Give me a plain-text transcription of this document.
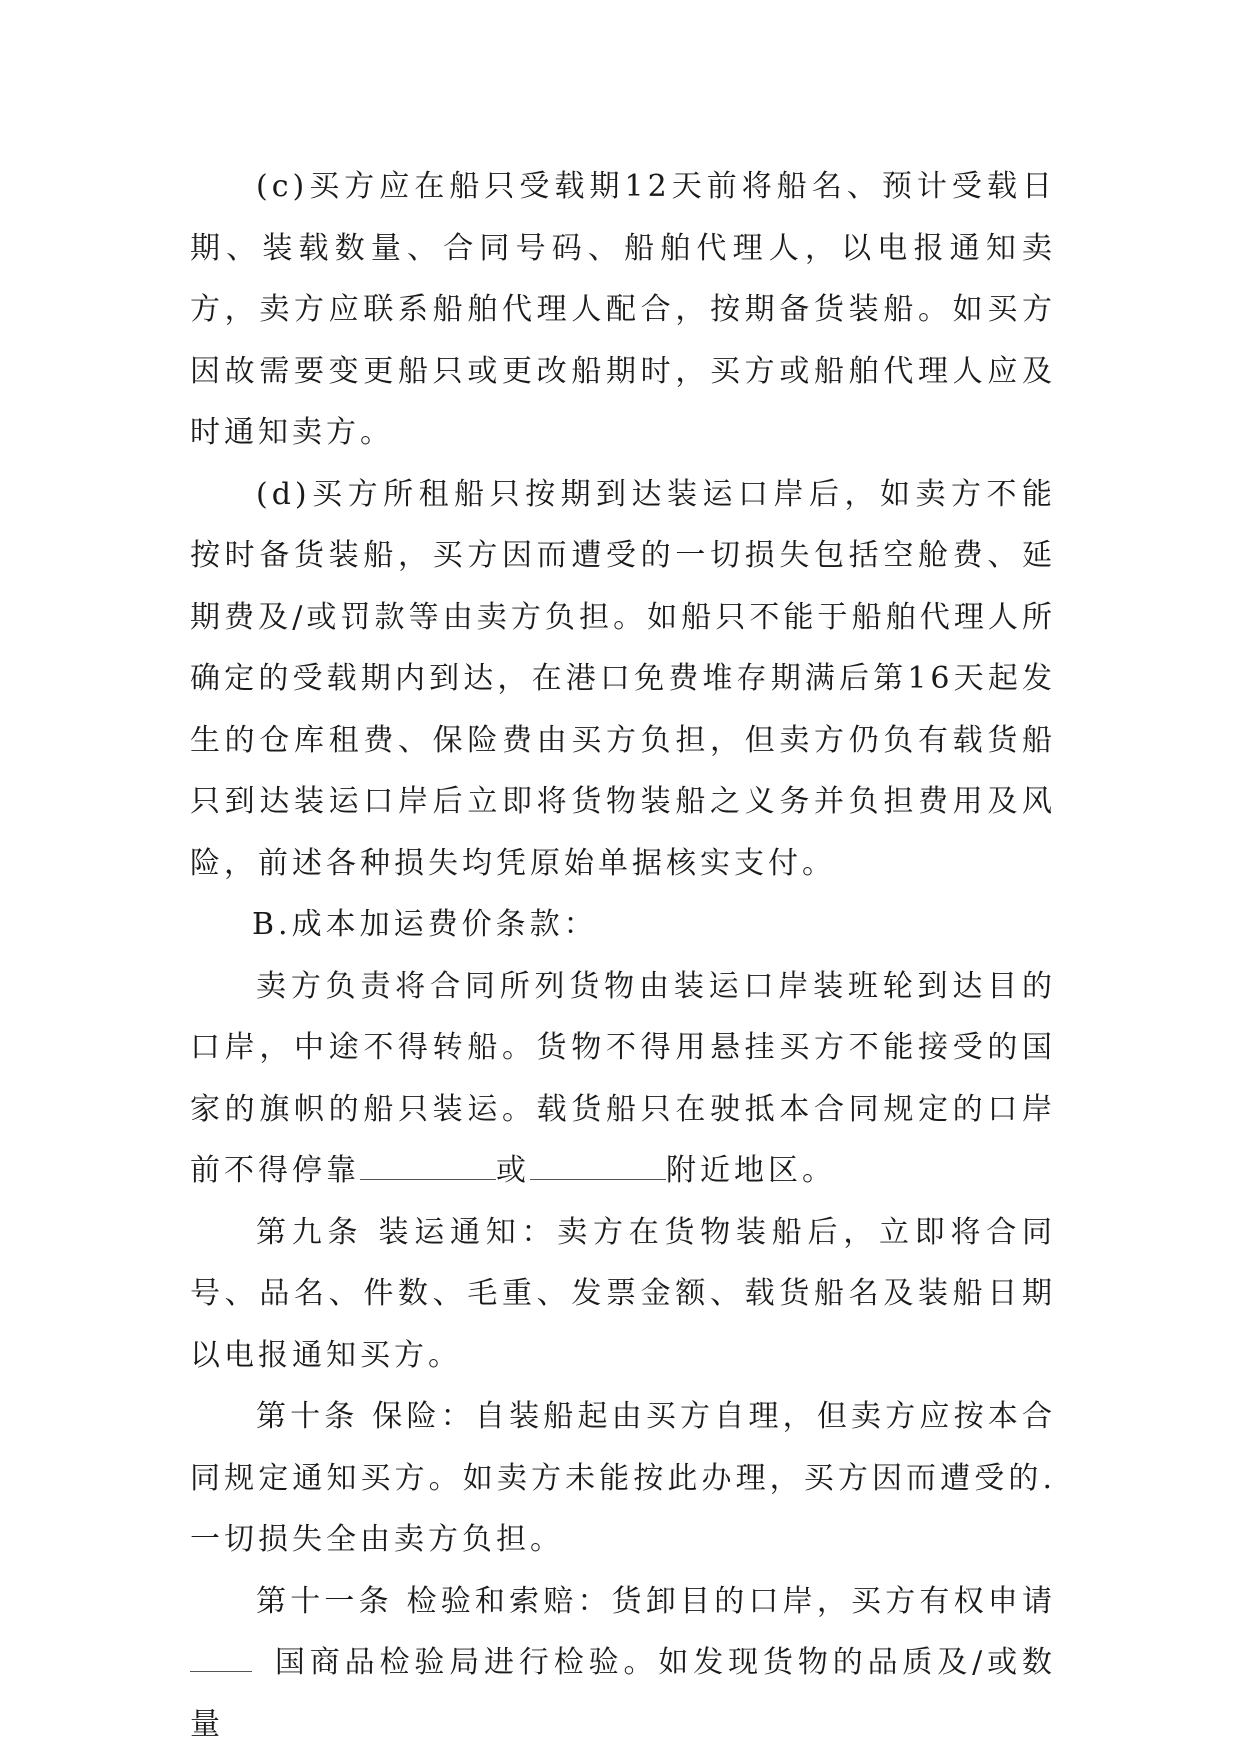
(c)买方应在船只受载期12天前将船名、预计受载日期、装载数量、合同号码、船舶代理人，以电报通知卖方，卖方应联系船舶代理人配合，按期备货装船。如买方因故需要变更船只或更改船期时，买方或船舶代理人应及时通知卖方。

(d)买方所租船只按期到达装运口岸后，如卖方不能按时备货装船，买方因而遭受的一切损失包括空舱费、延期费及/或罚款等由卖方负担。如船只不能于船舶代理人所确定的受载期内到达，在港口免费堆存期满后第16天起发生的仓库租费、保险费由买方负担，但卖方仍负有载货船只到达装运口岸后立即将货物装船之义务并负担费用及风险，前述各种损失均凭原始单据核实支付。

B.成本加运费价条款：

卖方负责将合同所列货物由装运口岸装班轮到达目的口岸，中途不得转船。货物不得用悬挂买方不能接受的国家的旗帜的船只装运。载货船只在驶抵本合同规定的口岸前不得停靠	或	附近地区。

第九条 装运通知：卖方在货物装船后，立即将合同号、品名、件数、毛重、发票金额、载货船名及装船日期以电报通知买方。

第十条 保险：自装船起由买方自理，但卖方应按本合同规定通知买方。如卖方未能按此办理，买方因而遭受的.一切损失全由卖方负担。

第十一条 检验和索赔：货卸目的口岸，买方有权申请国商品检验局进行检验。如发现货物的品质及/或数量
